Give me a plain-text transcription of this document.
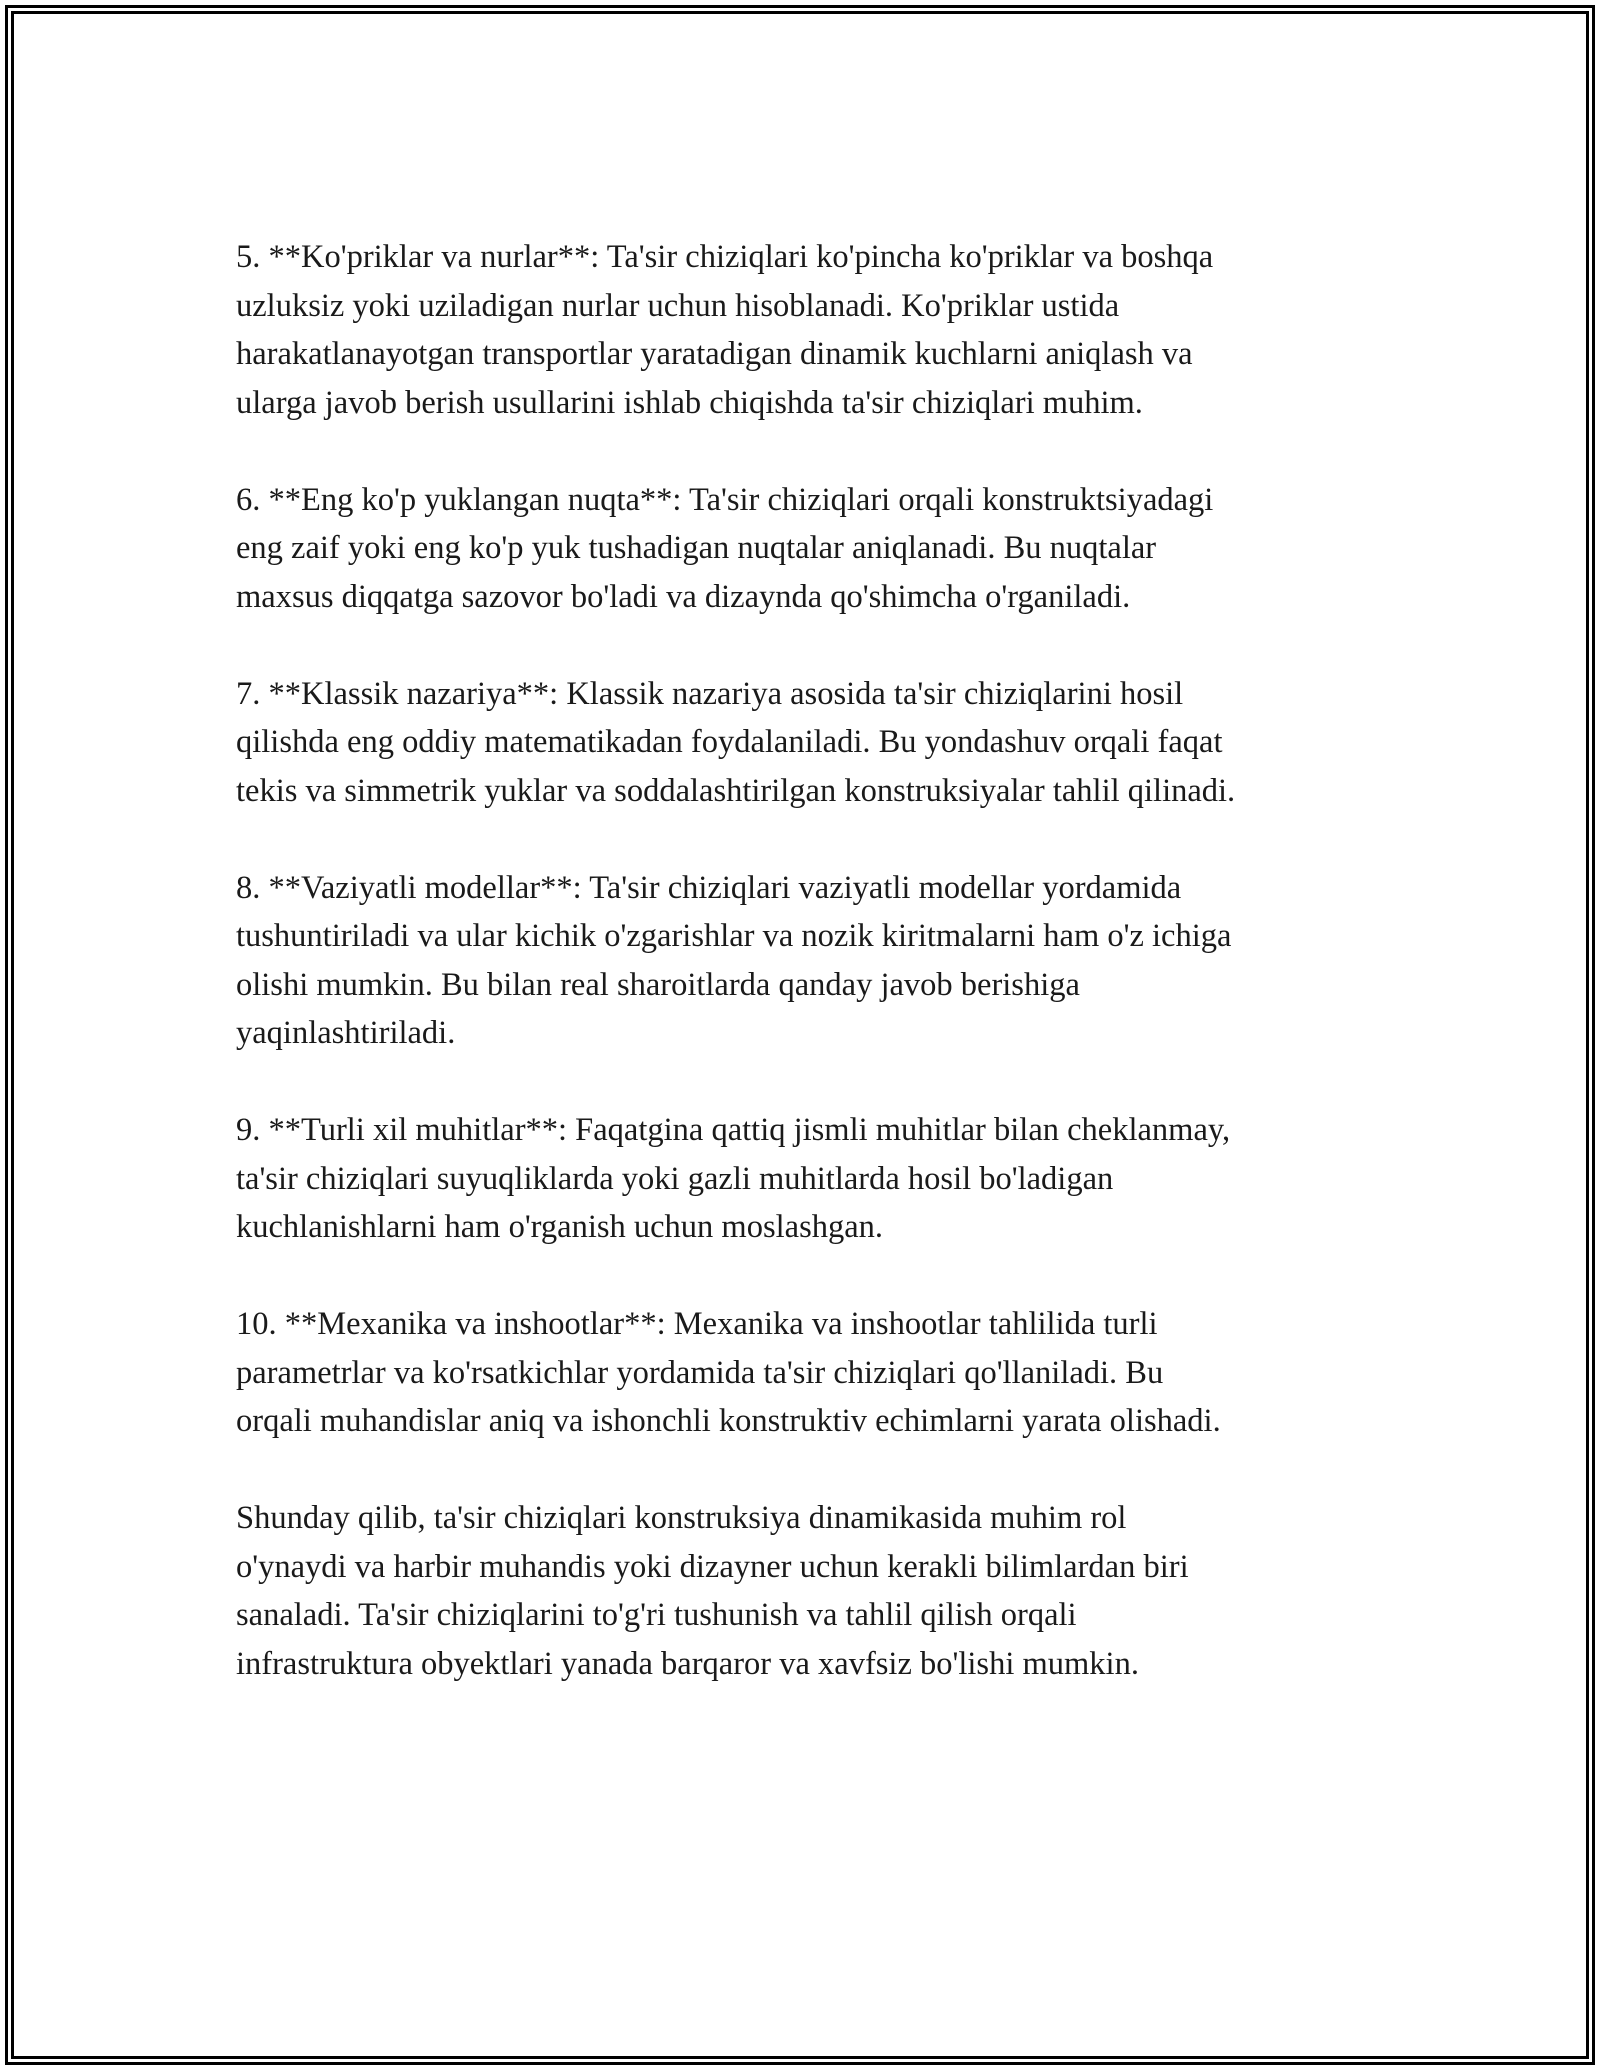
5. **Ko'priklar va nurlar**: Ta'sir chiziqlari ko'pincha ko'priklar va boshqa
uzluksiz yoki uziladigan nurlar uchun hisoblanadi. Ko'priklar ustida
harakatlanayotgan transportlar yaratadigan dinamik kuchlarni aniqlash va
ularga javob berish usullarini ishlab chiqishda ta'sir chiziqlari muhim.

6. **Eng ko'p yuklangan nuqta**: Ta'sir chiziqlari orqali konstruktsiyadagi
eng zaif yoki eng ko'p yuk tushadigan nuqtalar aniqlanadi. Bu nuqtalar
maxsus diqqatga sazovor bo'ladi va dizaynda qo'shimcha o'rganiladi.

7. **Klassik nazariya**: Klassik nazariya asosida ta'sir chiziqlarini hosil
qilishda eng oddiy matematikadan foydalaniladi. Bu yondashuv orqali faqat
tekis va simmetrik yuklar va soddalashtirilgan konstruksiyalar tahlil qilinadi.

8. **Vaziyatli modellar**: Ta'sir chiziqlari vaziyatli modellar yordamida
tushuntiriladi va ular kichik o'zgarishlar va nozik kiritmalarni ham o'z ichiga
olishi mumkin. Bu bilan real sharoitlarda qanday javob berishiga
yaqinlashtiriladi.

9. **Turli xil muhitlar**: Faqatgina qattiq jismli muhitlar bilan cheklanmay,
ta'sir chiziqlari suyuqliklarda yoki gazli muhitlarda hosil bo'ladigan
kuchlanishlarni ham o'rganish uchun moslashgan.

10. **Mexanika va inshootlar**: Mexanika va inshootlar tahlilida turli
parametrlar va ko'rsatkichlar yordamida ta'sir chiziqlari qo'llaniladi. Bu
orqali muhandislar aniq va ishonchli konstruktiv echimlarni yarata olishadi.

Shunday qilib, ta'sir chiziqlari konstruksiya dinamikasida muhim rol
o'ynaydi va harbir muhandis yoki dizayner uchun kerakli bilimlardan biri
sanaladi. Ta'sir chiziqlarini to'g'ri tushunish va tahlil qilish orqali
infrastruktura obyektlari yanada barqaror va xavfsiz bo'lishi mumkin.
